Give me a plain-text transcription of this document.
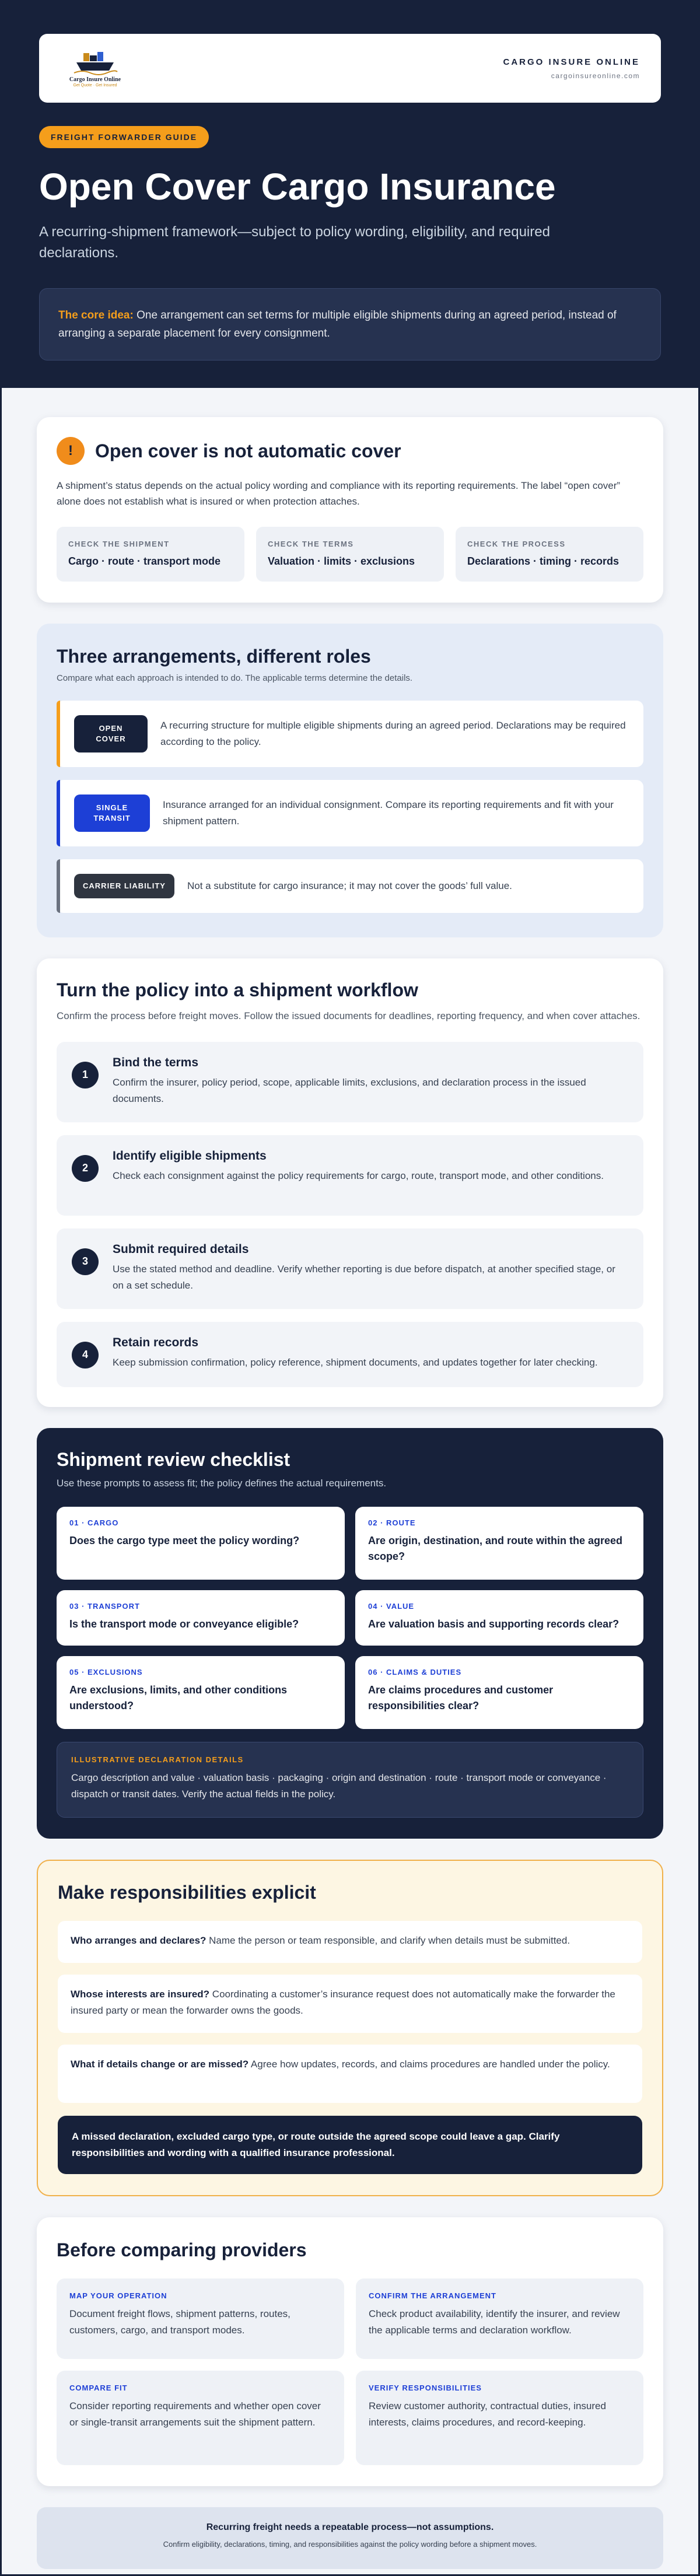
Cargo Insure Online
Get Quote · Get Insured
CARGO INSURE ONLINE
cargoinsureonline.com
FREIGHT FORWARDER GUIDE
Open Cover Cargo Insurance

A recurring-shipment framework—subject to policy wording, eligibility, and required declarations.

The core idea: One arrangement can set terms for multiple eligible shipments during an agreed period, instead of arranging a separate placement for every consignment.
!	Open cover is not automatic cover

A shipment’s status depends on the actual policy wording and compliance with its reporting requirements. The label “open cover” alone does not establish what is insured or when protection attaches.

CHECK THE SHIPMENT
Cargo · route · transport mode
CHECK THE TERMS
Valuation · limits · exclusions
CHECK THE PROCESS
Declarations · timing · records
Three arrangements, different roles

Compare what each approach is intended to do. The applicable terms determine the details.

OPEN
COVER

A recurring structure for multiple eligible shipments during an agreed period. Declarations may be required according to the policy.

SINGLE
TRANSIT

Insurance arranged for an individual consignment. Compare its reporting requirements and fit with your shipment pattern.

CARRIER LIABILITY	Not a substitute for cargo insurance; it may not cover the goods’ full value.

Turn the policy into a shipment workflow

Confirm the process before freight moves. Follow the issued documents for deadlines, reporting frequency, and when cover attaches.

1
Bind the terms
Confirm the insurer, policy period, scope, applicable limits, exclusions, and declaration process in the issued documents.
2
Identify eligible shipments
Check each consignment against the policy requirements for cargo, route, transport mode, and other conditions.
3
Submit required details
Use the stated method and deadline. Verify whether reporting is due before dispatch, at another specified stage, or on a set schedule.
4
Retain records
Keep submission confirmation, policy reference, shipment documents, and updates together for later checking.
Shipment review checklist

Use these prompts to assess fit; the policy defines the actual requirements.

01 · CARGO
Does the cargo type meet the policy wording?
02 · ROUTE
Are origin, destination, and route within the agreed scope?
03 · TRANSPORT
Is the transport mode or conveyance eligible?
04 · VALUE
Are valuation basis and supporting records clear?
05 · EXCLUSIONS
Are exclusions, limits, and other conditions understood?
06 · CLAIMS & DUTIES
Are claims procedures and customer responsibilities clear?
ILLUSTRATIVE DECLARATION DETAILS
Cargo description and value · valuation basis · packaging · origin and destination · route · transport mode or conveyance · dispatch or transit dates. Verify the actual fields in the policy.
Make responsibilities explicit
Who arranges and declares? Name the person or team responsible, and clarify when details must be submitted.
Whose interests are insured? Coordinating a customer’s insurance request does not automatically make the forwarder the insured party or mean the forwarder owns the goods.
What if details change or are missed? Agree how updates, records, and claims procedures are handled under the policy.
A missed declaration, excluded cargo type, or route outside the agreed scope could leave a gap. Clarify responsibilities and wording with a qualified insurance professional.
Before comparing providers
MAP YOUR OPERATION
Document freight flows, shipment patterns, routes, customers, cargo, and transport modes.
CONFIRM THE ARRANGEMENT
Check product availability, identify the insurer, and review the applicable terms and declaration workflow.
COMPARE FIT
Consider reporting requirements and whether open cover or single-transit arrangements suit the shipment pattern.
VERIFY RESPONSIBILITIES
Review customer authority, contractual duties, insured interests, claims procedures, and record-keeping.
Recurring freight needs a repeatable process—not assumptions.
Confirm eligibility, declarations, timing, and responsibilities against the policy wording before a shipment moves.
